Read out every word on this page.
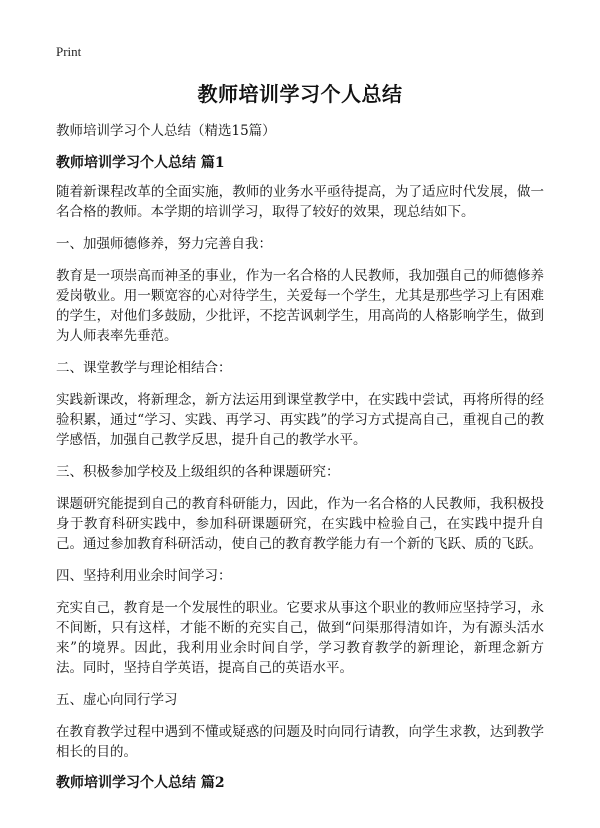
Print
教师培训学习个人总结
教师培训学习个人总结（精选15篇）
教师培训学习个人总结 篇1
随着新课程改革的全面实施，教师的业务水平亟待提高，为了适应时代发展，做一名合格的教师。本学期的培训学习，取得了较好的效果，现总结如下。
一、加强师德修养，努力完善自我：
教育是一项崇高而神圣的事业，作为一名合格的人民教师，我加强自己的师德修养爱岗敬业。用一颗宽容的心对待学生，关爱每一个学生，尤其是那些学习上有困难的学生，对他们多鼓励，少批评，不挖苦讽刺学生，用高尚的人格影响学生，做到为人师表率先垂范。
二、课堂教学与理论相结合：
实践新课改，将新理念，新方法运用到课堂教学中，在实践中尝试，再将所得的经验积累，通过“学习、实践、再学习、再实践”的学习方式提高自己，重视自己的教学感悟，加强自己教学反思，提升自己的教学水平。
三、积极参加学校及上级组织的各种课题研究：
课题研究能提到自己的教育科研能力，因此，作为一名合格的人民教师，我积极投身于教育科研实践中，参加科研课题研究，在实践中检验自己，在实践中提升自己。通过参加教育科研活动，使自己的教育教学能力有一个新的飞跃、质的飞跃。
四、坚持利用业余时间学习：
充实自己，教育是一个发展性的职业。它要求从事这个职业的教师应坚持学习，永不间断，只有这样，才能不断的充实自己，做到“问渠那得清如许，为有源头活水来”的境界。因此，我利用业余时间自学，学习教育教学的新理论，新理念新方法。同时，坚持自学英语，提高自己的英语水平。
五、虚心向同行学习
在教育教学过程中遇到不懂或疑惑的问题及时向同行请教，向学生求教，达到教学相长的目的。
教师培训学习个人总结 篇2
